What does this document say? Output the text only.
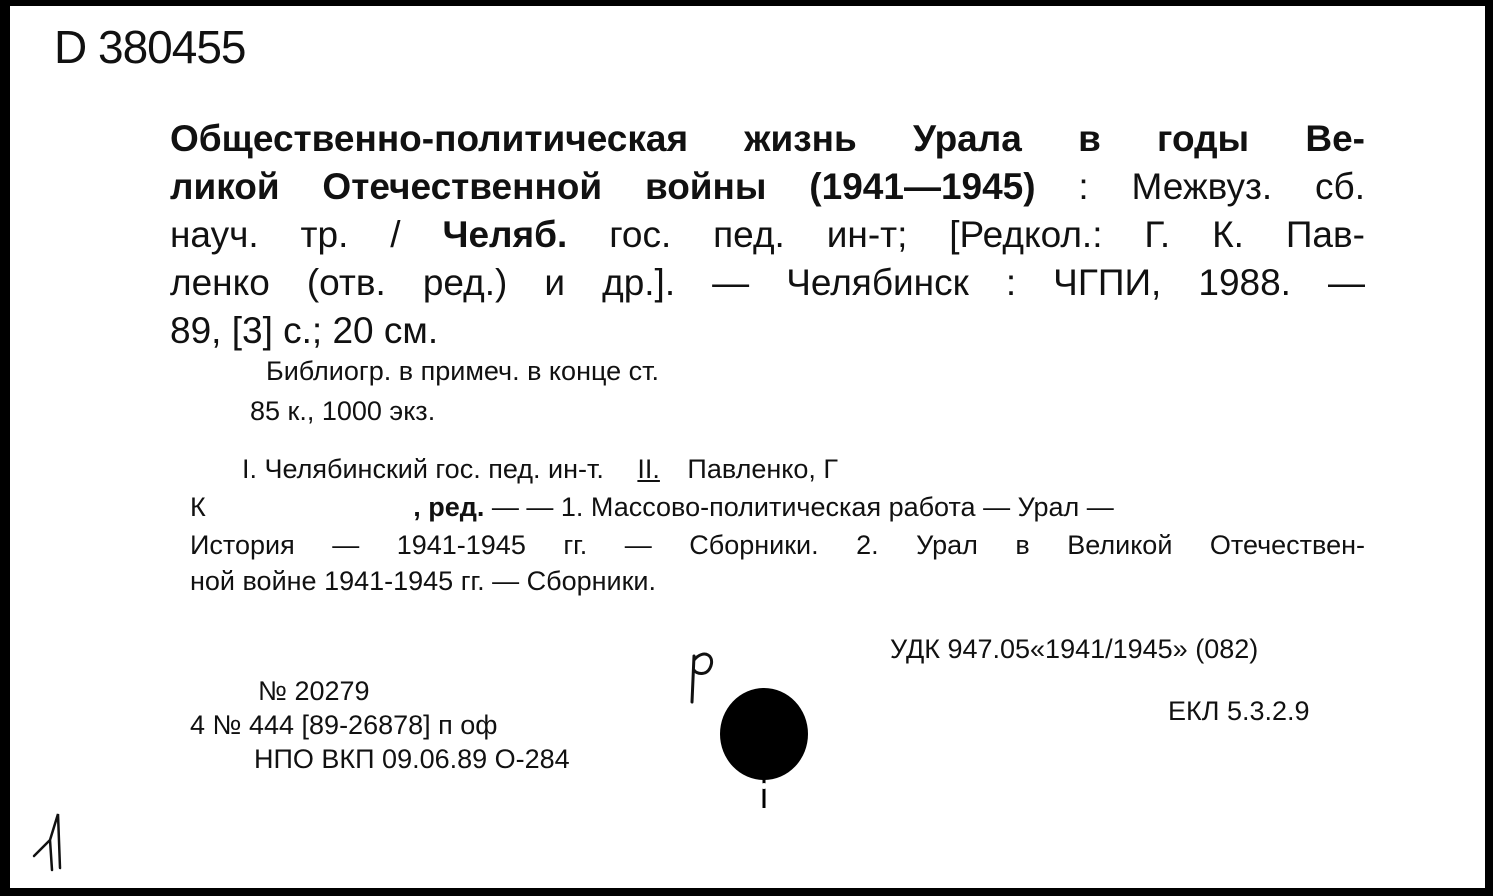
D 380455
Общественно-политическая жизнь Урала в годы Ве-
ликой Отечественной войны (1941—1945) : Межвуз. сб.
науч. тр. / Челяб. гос. пед. ин-т; [Редкол.: Г. К. Пав-
ленко (отв. ред.) и др.]. — Челябинск : ЧГПИ, 1988. —
89, [3] с.; 20 см.
Библиогр. в примеч. в конце ст.
85 к., 1000 экз.
I. Челябинский гос. пед. ин-т. II. Павленко, Г
К	, ред. — — 1. Массово-политическая работа — Урал —
История — 1941-1945 гг. — Сборники. 2. Урал в Великой Отечествен-
ной войне 1941-1945 гг. — Сборники.
УДК 947.05«1941/1945» (082)
ЕКЛ 5.3.2.9
№ 20279
4 № 444 [89-26878] п оф
НПО ВКП 09.06.89 О-284
